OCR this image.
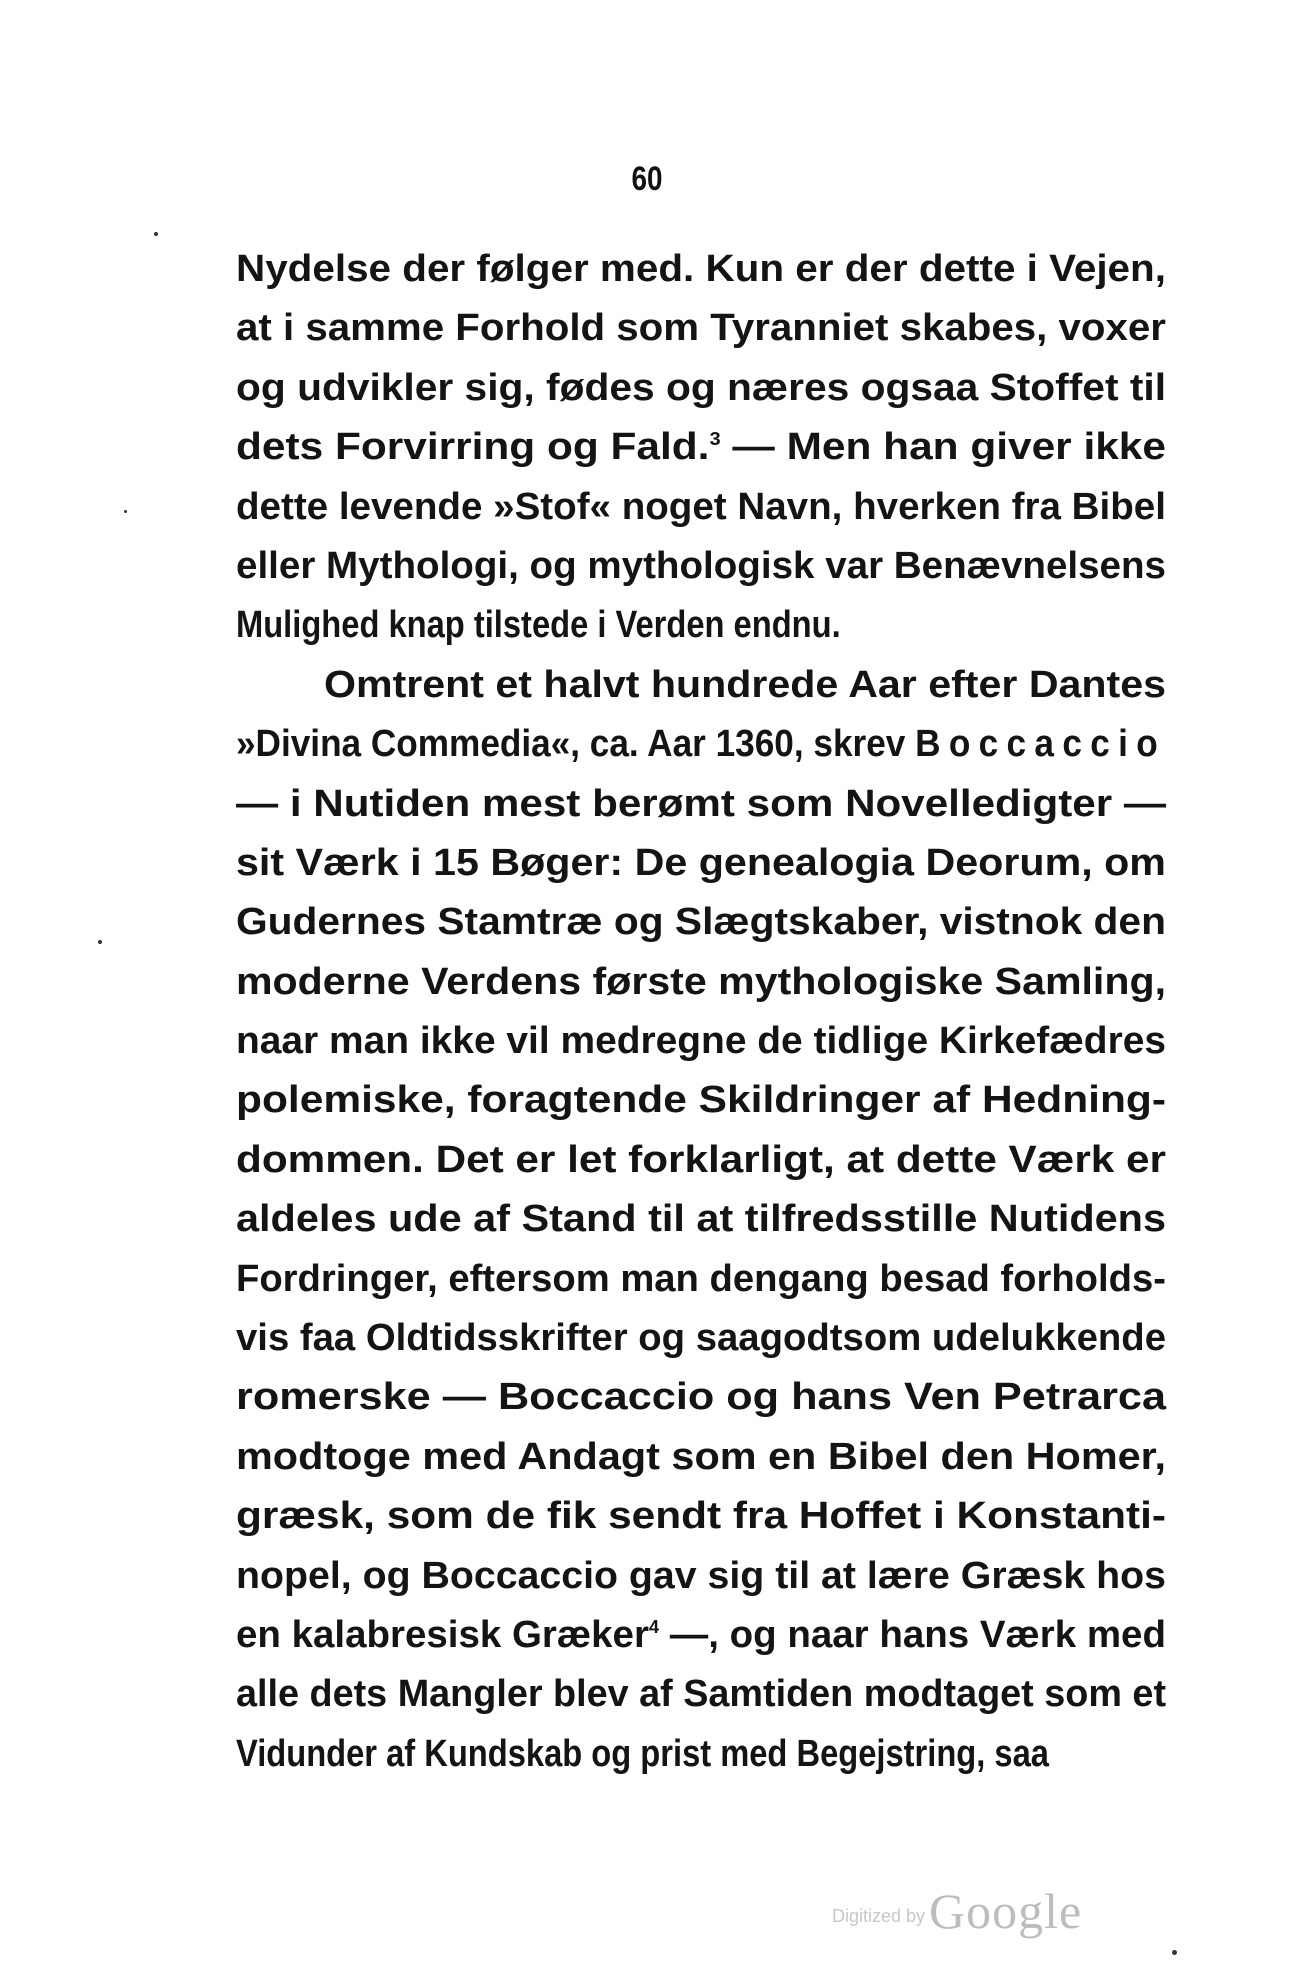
60
Nydelse der følger med. Kun er der dette i Vejen,
at i samme Forhold som Tyranniet skabes, voxer
og udvikler sig, fødes og næres ogsaa Stoffet til
dets Forvirring og Fald.$^3$ — Men han giver ikke
dette levende »Stof« noget Navn, hverken fra Bibel
eller Mythologi, og mythologisk var Benævnelsens
Mulighed knap tilstede i Verden endnu.
Omtrent et halvt hundrede Aar efter Dantes
»Divina Commedia«, ca. Aar 1360, skrev Boccaccio
— i Nutiden mest berømt som Novelledigter —
sit Værk i 15 Bøger: De genealogia Deorum, om
Gudernes Stamtræ og Slægtskaber, vistnok den
moderne Verdens første mythologiske Samling,
naar man ikke vil medregne de tidlige Kirkefædres
polemiske, foragtende Skildringer af Hedning-
dommen. Det er let forklarligt, at dette Værk er
aldeles ude af Stand til at tilfredsstille Nutidens
Fordringer, eftersom man dengang besad forholds-
vis faa Oldtidsskrifter og saagodtsom udelukkende
romerske — Boccaccio og hans Ven Petrarca
modtoge med Andagt som en Bibel den Homer,
græsk, som de fik sendt fra Hoffet i Konstanti-
nopel, og Boccaccio gav sig til at lære Græsk hos
en kalabresisk Græker$^4$ —, og naar hans Værk med
alle dets Mangler blev af Samtiden modtaget som et
Vidunder af Kundskab og prist med Begejstring, saa
Digitized by Google
